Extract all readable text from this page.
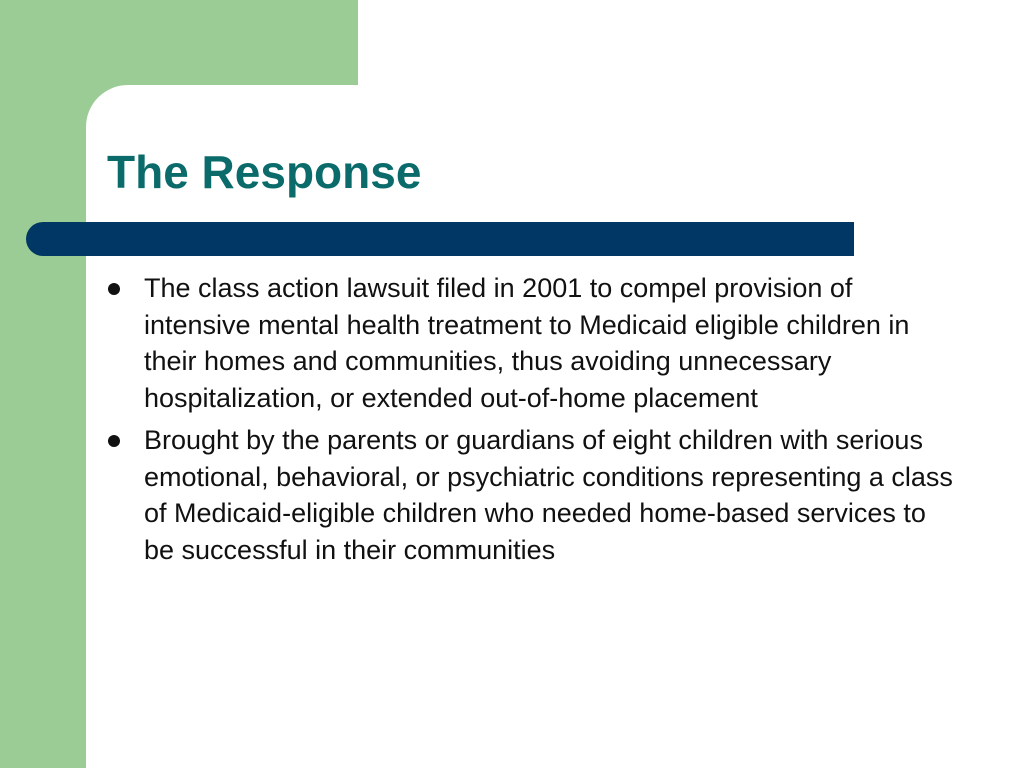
The Response
The class action lawsuit filed in 2001 to compel provision of intensive mental health treatment to Medicaid eligible children in their homes and communities, thus avoiding unnecessary hospitalization, or extended out-of-home placement
Brought by the parents or guardians of eight children with serious emotional, behavioral, or psychiatric conditions representing a class of Medicaid-eligible children who needed home-based services to be successful in their communities
